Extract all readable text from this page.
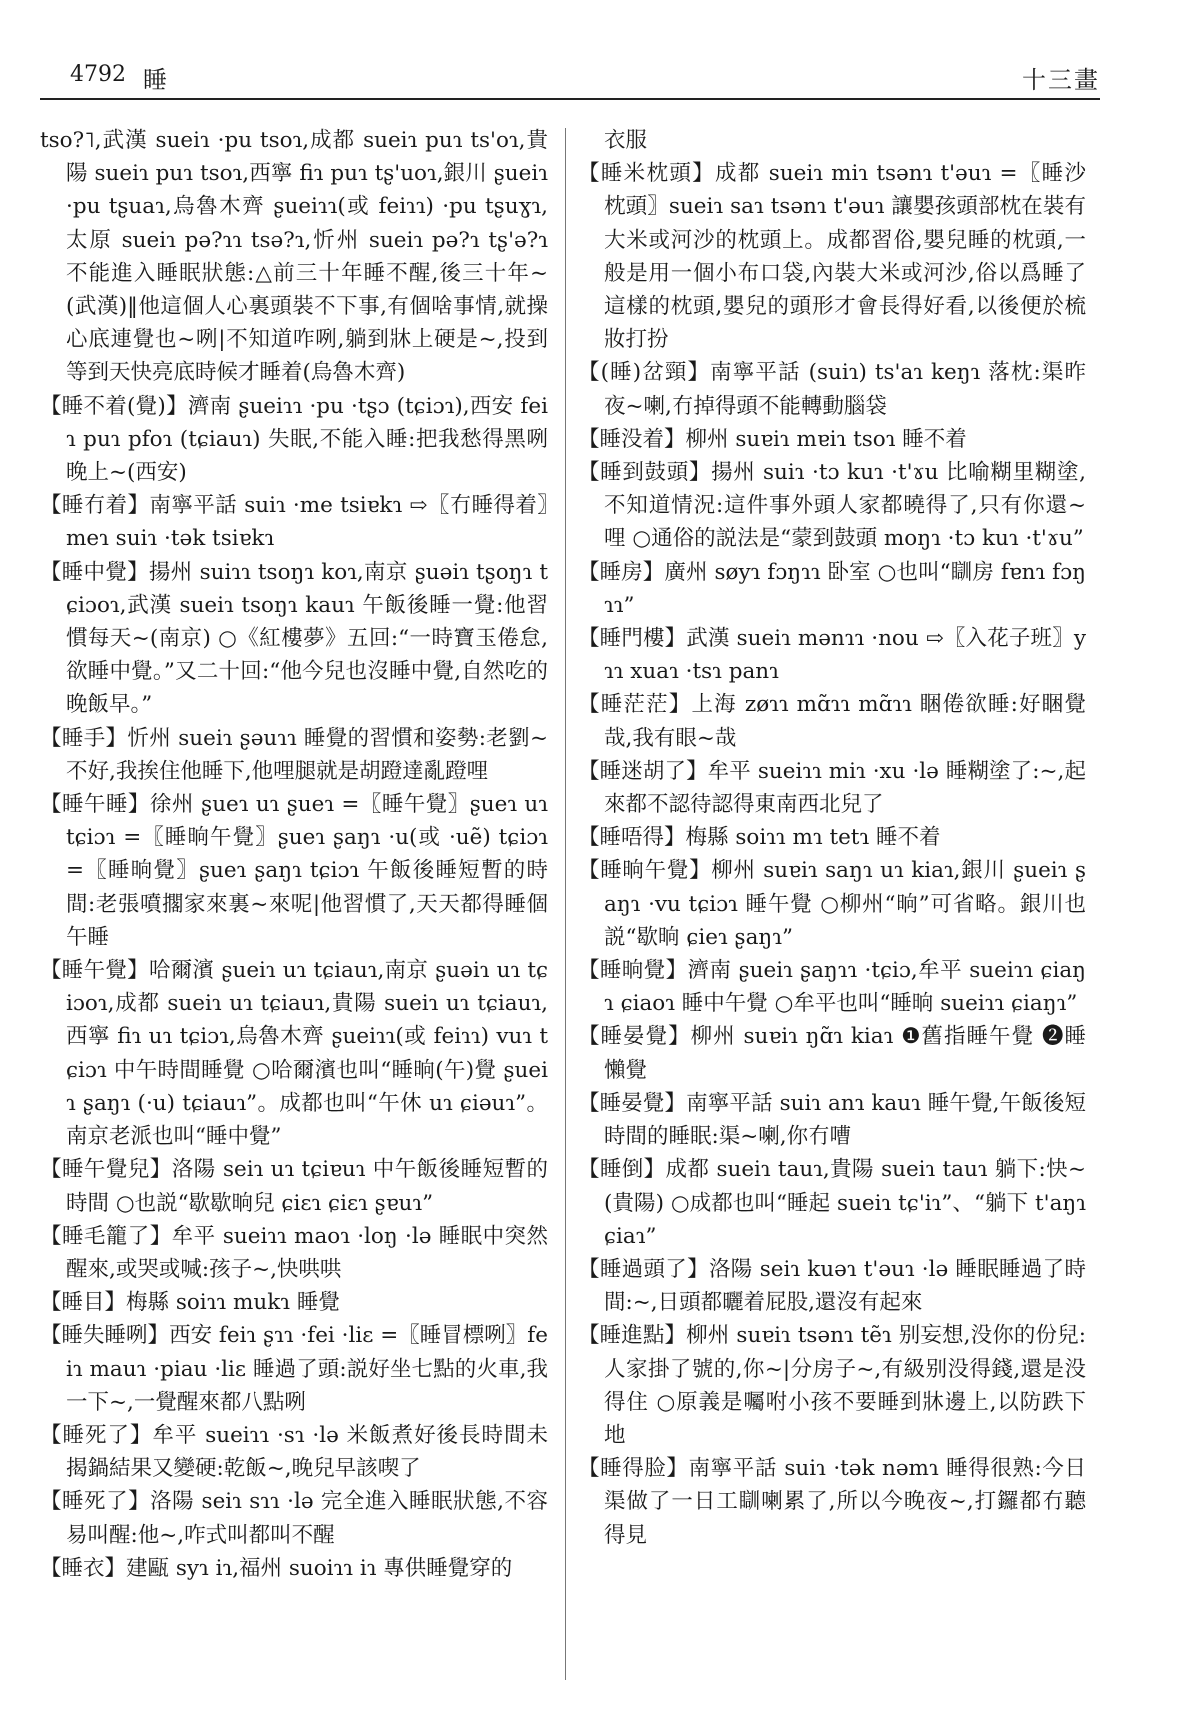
4792 睡	十三畫
tso?˥,武漢 sueiɿ ·pu tsoɿ,成都 sueiɿ puɿ ts'oɿ,貴陽 sueiɿ puɿ tsoɿ,西寧 fiɿ puɿ tʂ'uoɿ,銀川 ʂueiɿ ·pu tʂuaɿ,烏魯木齊 ʂueiɿɿ(或 feiɿɿ) ·pu tʂuɣɿ,太原 sueiɿ pə?ɿɿ tsə?ɿ,忻州 sueiɿ pə?ɿ tʂ'ə?ɿ 不能進入睡眠狀態:△前三十年睡不醒,後三十年~(武漢)‖他這個人心裏頭裝不下事,有個啥事情,就操心底連覺也~咧|不知道咋咧,躺到牀上硬是~,投到等到天快亮底時候才睡着(烏魯木齊)
【睡不着(覺)】濟南 ʂueiɿɿ ·pu ·tʂɔ (tɕiɔɿ),西安 feiɿ puɿ pfoɿ (tɕiauɿ) 失眠,不能入睡:把我愁得黑咧晚上~(西安)
【睡冇着】南寧平話 suiɿ ·me tsiɐkɿ ⇨〖冇睡得着〗meɿ suiɿ ·tək tsiɐkɿ
【睡中覺】揚州 suiɿɿ tsoŋɿ koɿ,南京 ʂuəiɿ tʂoŋɿ tɕiɔoɿ,武漢 sueiɿ tsoŋɿ kauɿ 午飯後睡一覺:他習慣每天~(南京) ○《紅樓夢》五回:“一時寶玉倦怠,欲睡中覺。”又二十回:“他今兒也沒睡中覺,自然吃的晚飯早。”
【睡手】忻州 sueiɿ ʂəuɿɿ 睡覺的習慣和姿勢:老劉~不好,我挨住他睡下,他哩腿就是胡蹬達亂蹬哩
【睡午睡】徐州 ʂueɿ uɿ ʂueɿ =〖睡午覺〗ʂueɿ uɿ tɕiɔɿ =〖睡晌午覺〗ʂueɿ ʂaŋɿ ·u(或 ·uẽ) tɕiɔɿ =〖睡晌覺〗ʂueɿ ʂaŋɿ tɕiɔɿ 午飯後睡短暫的時間:老張噴擱家來裏~來呢|他習慣了,天天都得睡個午睡
【睡午覺】哈爾濱 ʂueiɿ uɿ tɕiauɿ,南京 ʂuəiɿ uɿ tɕiɔoɿ,成都 sueiɿ uɿ tɕiauɿ,貴陽 sueiɿ uɿ tɕiauɿ,西寧 fiɿ uɿ tɕiɔɿ,烏魯木齊 ʂueiɿɿ(或 feiɿɿ) vuɿ tɕiɔɿ 中午時間睡覺 ○哈爾濱也叫“睡晌(午)覺 ʂueiɿ ʂaŋɿ (·u) tɕiauɿ”。成都也叫“午休 uɿ ɕiəuɿ”。南京老派也叫“睡中覺”
【睡午覺兒】洛陽 seiɿ uɿ tɕiɐuɿ 中午飯後睡短暫的時間 ○也説“歇歇晌兒 ɕiɛɿ ɕiɛɿ ʂɐuɿ”
【睡毛籠了】牟平 sueiɿɿ maoɿ ·loŋ ·lə 睡眠中突然醒來,或哭或喊:孩子~,快哄哄
【睡目】梅縣 soiɿɿ mukɿ 睡覺
【睡失睡咧】西安 feiɿ ʂɿɿ ·fei ·liɛ =〖睡冒標咧〗feiɿ mauɿ ·piau ·liɛ 睡過了頭:説好坐七點的火車,我一下~,一覺醒來都八點咧
【睡死了】牟平 sueiɿɿ ·sɿ ·lə 米飯煮好後長時間未揭鍋結果又變硬:乾飯~,晚兒早該喫了
【睡死了】洛陽 seiɿ sɿɿ ·lə 完全進入睡眠狀態,不容易叫醒:他~,咋式叫都叫不醒
【睡衣】建甌 syɿ iɿ,福州 suoiɿɿ iɿ 專供睡覺穿的
衣服
【睡米枕頭】成都 sueiɿ miɿ tsənɿ t'əuɿ =〖睡沙枕頭〗sueiɿ saɿ tsənɿ t'əuɿ 讓嬰孩頭部枕在裝有大米或河沙的枕頭上。成都習俗,嬰兒睡的枕頭,一般是用一個小布口袋,內裝大米或河沙,俗以爲睡了這樣的枕頭,嬰兒的頭形才會長得好看,以後便於梳妝打扮
【(睡)岔頸】南寧平話 (suiɿ) ts'aɿ keŋɿ 落枕:渠昨夜~喇,冇掉得頭不能轉動腦袋
【睡没着】柳州 suɐiɿ mɐiɿ tsoɿ 睡不着
【睡到鼓頭】揚州 suiɿ ·tɔ kuɿ ·t'ɤu 比喻糊里糊塗,不知道情況:這件事外頭人家都曉得了,只有你還~哩 ○通俗的説法是“蒙到鼓頭 moŋɿ ·tɔ kuɿ ·t'ɤu”
【睡房】廣州 søyɿ fɔŋɿɿ 卧室 ○也叫“瞓房 fɐnɿ fɔŋɿɿ”
【睡門樓】武漢 sueiɿ mənɿɿ ·nou ⇨〖入花子班〗yɿɿ xuaɿ ·tsɿ panɿ
【睡茫茫】上海 zøɿɿ mɑ̃ɿɿ mɑ̃ɿɿ 睏倦欲睡:好睏覺哉,我有眼~哉
【睡迷胡了】牟平 sueiɿɿ miɿ ·xu ·lə 睡糊塗了:~,起來都不認待認得東南西北兒了
【睡唔得】梅縣 soiɿɿ mɿ tetɿ 睡不着
【睡晌午覺】柳州 suɐiɿ saŋɿ uɿ kiaɿ,銀川 ʂueiɿ ʂaŋɿ ·vu tɕiɔɿ 睡午覺 ○柳州“晌”可省略。銀川也説“歇晌 ɕieɿ ʂaŋɿ”
【睡晌覺】濟南 ʂueiɿ ʂaŋɿɿ ·tɕiɔ,牟平 sueiɿɿ ɕiaŋɿ ɕiaoɿ 睡中午覺 ○牟平也叫“睡晌 sueiɿɿ ɕiaŋɿ”
【睡晏覺】柳州 suɐiɿ ŋɑ̃ɿ kiaɿ ❶舊指睡午覺 ❷睡懶覺
【睡晏覺】南寧平話 suiɿ anɿ kauɿ 睡午覺,午飯後短時間的睡眠:渠~喇,你冇嘈
【睡倒】成都 sueiɿ tauɿ,貴陽 sueiɿ tauɿ 躺下:快~(貴陽) ○成都也叫“睡起 sueiɿ tɕ'iɿ”、“躺下 t'aŋɿ ɕiaɿ”
【睡過頭了】洛陽 seiɿ kuəɿ t'əuɿ ·lə 睡眠睡過了時間:~,日頭都曬着屁股,還沒有起來
【睡進點】柳州 suɐiɿ tsənɿ tẽɿ 别妄想,没你的份兒:人家掛了號的,你~|分房子~,有級别没得錢,還是没得住 ○原義是囑咐小孩不要睡到牀邊上,以防跌下地
【睡得脸】南寧平話 suiɿ ·tək nəmɿ 睡得很熟:今日渠做了一日工瞓喇累了,所以今晚夜~,打鑼都冇聽得見
